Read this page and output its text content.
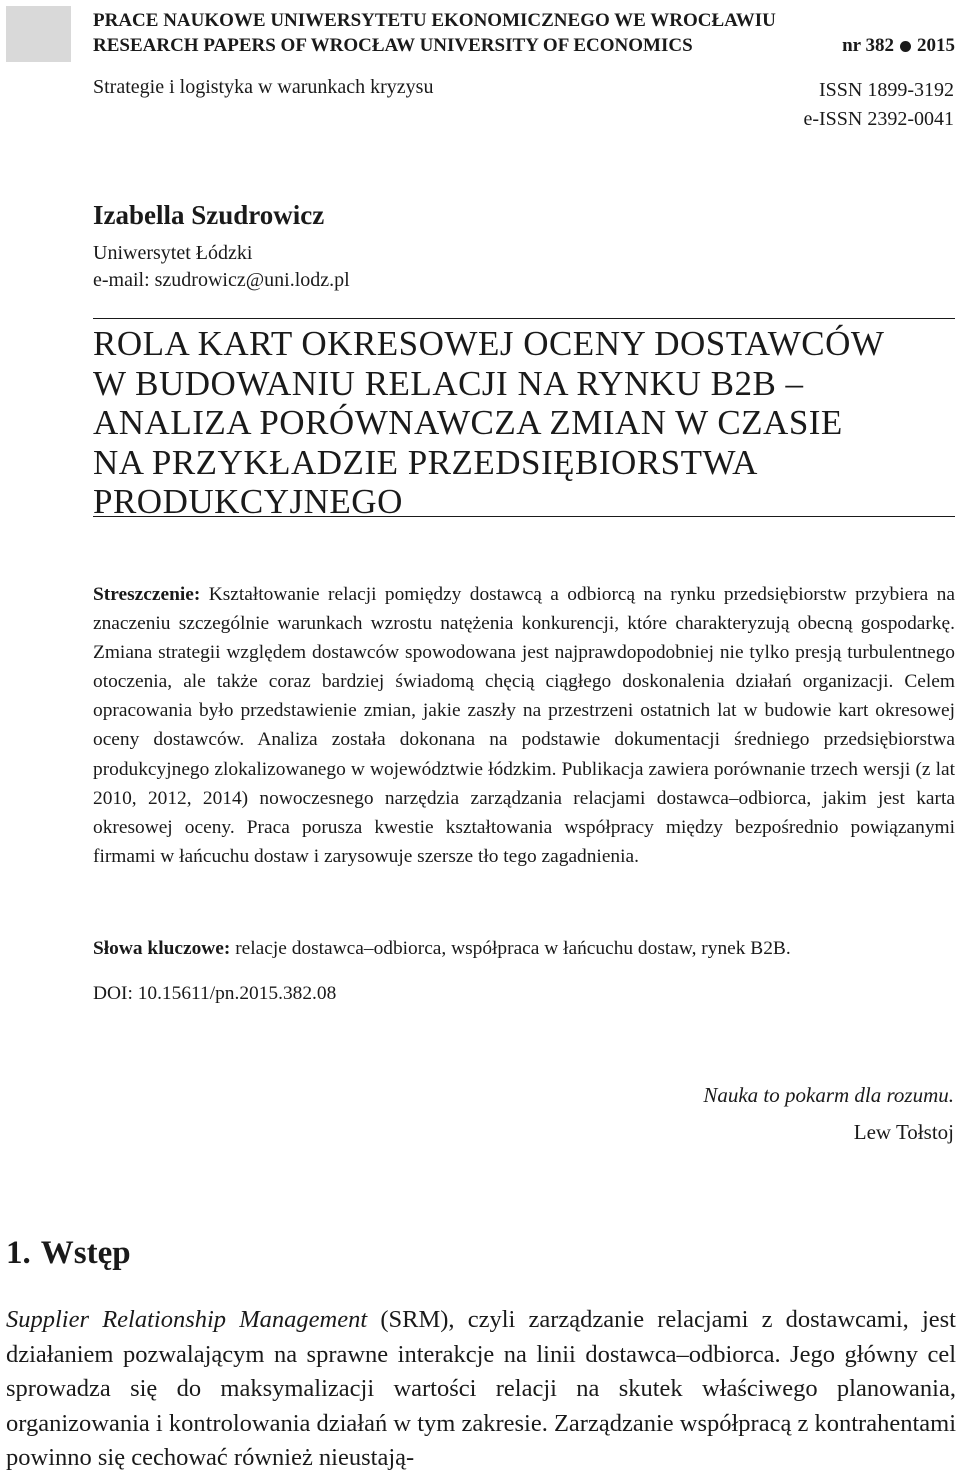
PRACE NAUKOWE UNIWERSYTETU EKONOMICZNEGO WE WROCŁAWIU
RESEARCH PAPERS OF WROCŁAW UNIVERSITY OF ECONOMICS	nr 382 2015
Strategie i logistyka w warunkach kryzysu	ISSN 1899-3192
e-ISSN 2392-0041
Izabella Szudrowicz
Uniwersytet Łódzki
e-mail: szudrowicz@uni.lodz.pl
ROLA KART OKRESOWEJ OCENY DOSTAWCÓW
W BUDOWANIU RELACJI NA RYNKU B2B –
ANALIZA PORÓWNAWCZA ZMIAN W CZASIE
NA PRZYKŁADZIE PRZEDSIĘBIORSTWA
PRODUKCYJNEGO

Streszczenie: Kształtowanie relacji pomiędzy dostawcą a odbiorcą na rynku przedsiębiorstw przybiera na znaczeniu szczególnie warunkach wzrostu natężenia konkurencji, które charakteryzują obecną gospodarkę. Zmiana strategii względem dostawców spowodowana jest najprawdopodobniej nie tylko presją turbulentnego otoczenia, ale także coraz bardziej świadomą chęcią ciągłego doskonalenia działań organizacji. Celem opracowania było przedstawienie zmian, jakie zaszły na przestrzeni ostatnich lat w budowie kart okresowej oceny dostawców. Analiza została dokonana na podstawie dokumentacji średniego przedsiębiorstwa produkcyjnego zlokalizowanego w województwie łódzkim. Publikacja zawiera porównanie trzech wersji (z lat 2010, 2012, 2014) nowoczesnego narzędzia zarządzania relacjami dostawca–odbiorca, jakim jest karta okresowej oceny. Praca porusza kwestie kształtowania współpracy między bezpośrednio powiązanymi firmami w łańcuchu dostaw i zarysowuje szersze tło tego zagadnienia.

Słowa kluczowe: relacje dostawca–odbiorca, współpraca w łańcuchu dostaw, rynek B2B.

DOI: 10.15611/pn.2015.382.08
Nauka to pokarm dla rozumu.
Lew Tołstoj
1. Wstęp

Supplier Relationship Management (SRM), czyli zarządzanie relacjami z dostawcami, jest działaniem pozwalającym na sprawne interakcje na linii dostawca–odbiorca. Jego główny cel sprowadza się do maksymalizacji wartości relacji na skutek właściwego planowania, organizowania i kontrolowania działań w tym zakresie. Zarządzanie współpracą z kontrahentami powinno się cechować również nieustają-
